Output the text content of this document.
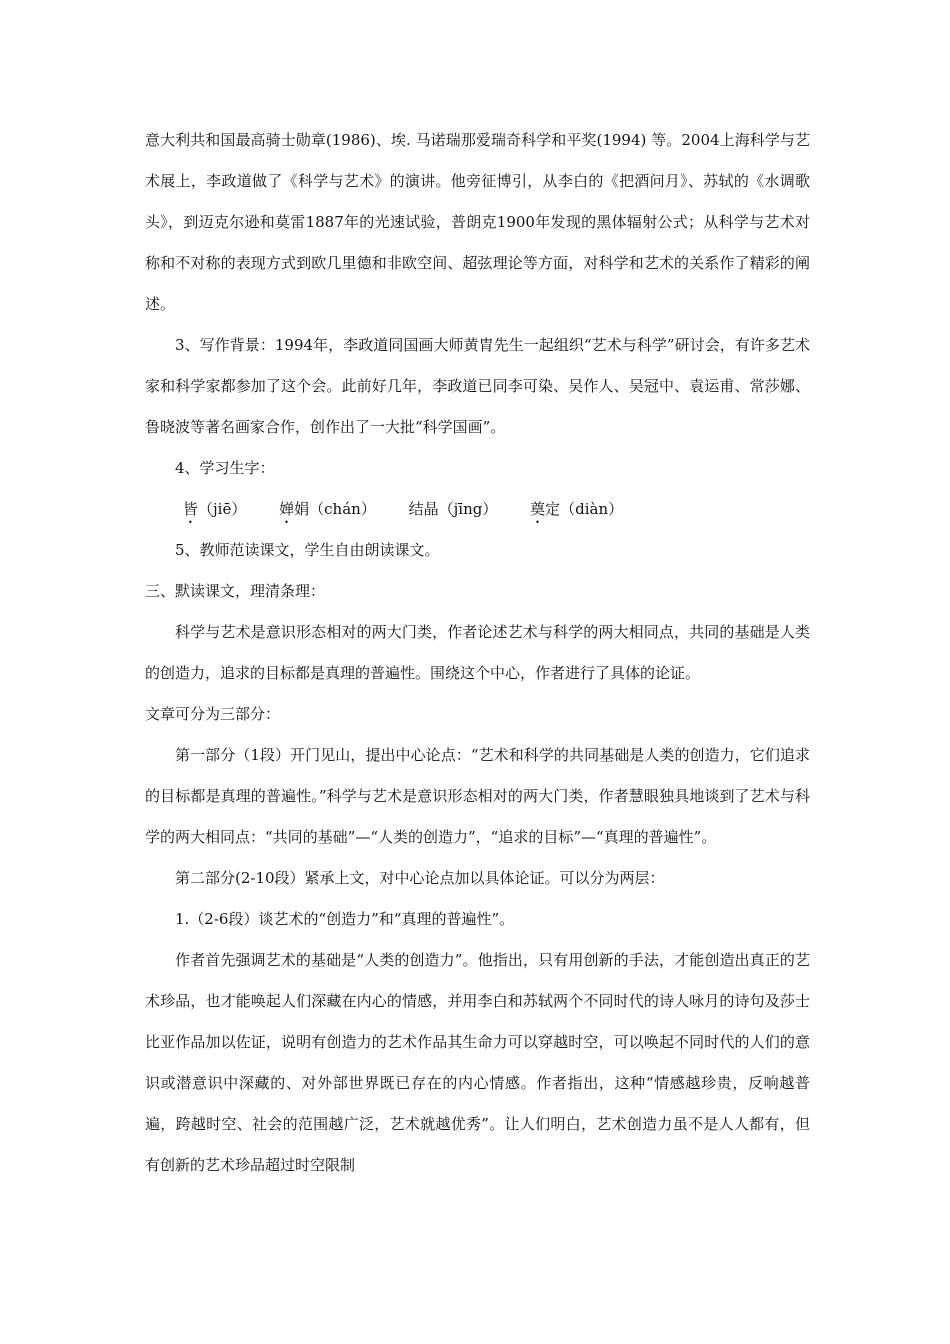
意大利共和国最高骑士勋章(1986)、埃. 马诺瑞那爱瑞奇科学和平奖(1994) 等。2004上海科学与艺术展上，李政道做了《科学与艺术》的演讲。他旁征博引，从李白的《把酒问月》、苏轼的《水调歌头》，到迈克尔逊和莫雷1887年的光速试验，普朗克1900年发现的黑体辐射公式；从科学与艺术对称和不对称的表现方式到欧几里德和非欧空间、超弦理论等方面，对科学和艺术的关系作了精彩的阐述。

3、写作背景：1994年，李政道同国画大师黄胄先生一起组织“艺术与科学”研讨会，有许多艺术家和科学家都参加了这个会。此前好几年，李政道已同李可染、吴作人、吴冠中、袁运甫、常莎娜、鲁晓波等著名画家合作，创作出了一大批“科学国画”。

4、学习生字：

皆（jiē） 婵娟（chán） 结晶（jīng） 奠定（diàn）

5、教师范读课文，学生自由朗读课文。

三、默读课文，理清条理：

科学与艺术是意识形态相对的两大门类，作者论述艺术与科学的两大相同点，共同的基础是人类的创造力，追求的目标都是真理的普遍性。围绕这个中心，作者进行了具体的论证。

文章可分为三部分：

第一部分（1段）开门见山，提出中心论点：“艺术和科学的共同基础是人类的创造力，它们追求的目标都是真理的普遍性。”科学与艺术是意识形态相对的两大门类，作者慧眼独具地谈到了艺术与科学的两大相同点：“共同的基础”—“人类的创造力”，“追求的目标”—“真理的普遍性”。

第二部分(2-10段）紧承上文，对中心论点加以具体论证。可以分为两层：

1.（2-6段）谈艺术的“创造力”和“真理的普遍性”。

作者首先强调艺术的基础是“人类的创造力”。他指出，只有用创新的手法，才能创造出真正的艺术珍品，也才能唤起人们深藏在内心的情感，并用李白和苏轼两个不同时代的诗人咏月的诗句及莎士比亚作品加以佐证，说明有创造力的艺术作品其生命力可以穿越时空，可以唤起不同时代的人们的意识或潜意识中深藏的、对外部世界既已存在的内心情感。作者指出，这种“情感越珍贵，反响越普遍，跨越时空、社会的范围越广泛，艺术就越优秀”。让人们明白，艺术创造力虽不是人人都有，但有创新的艺术珍品超过时空限制
